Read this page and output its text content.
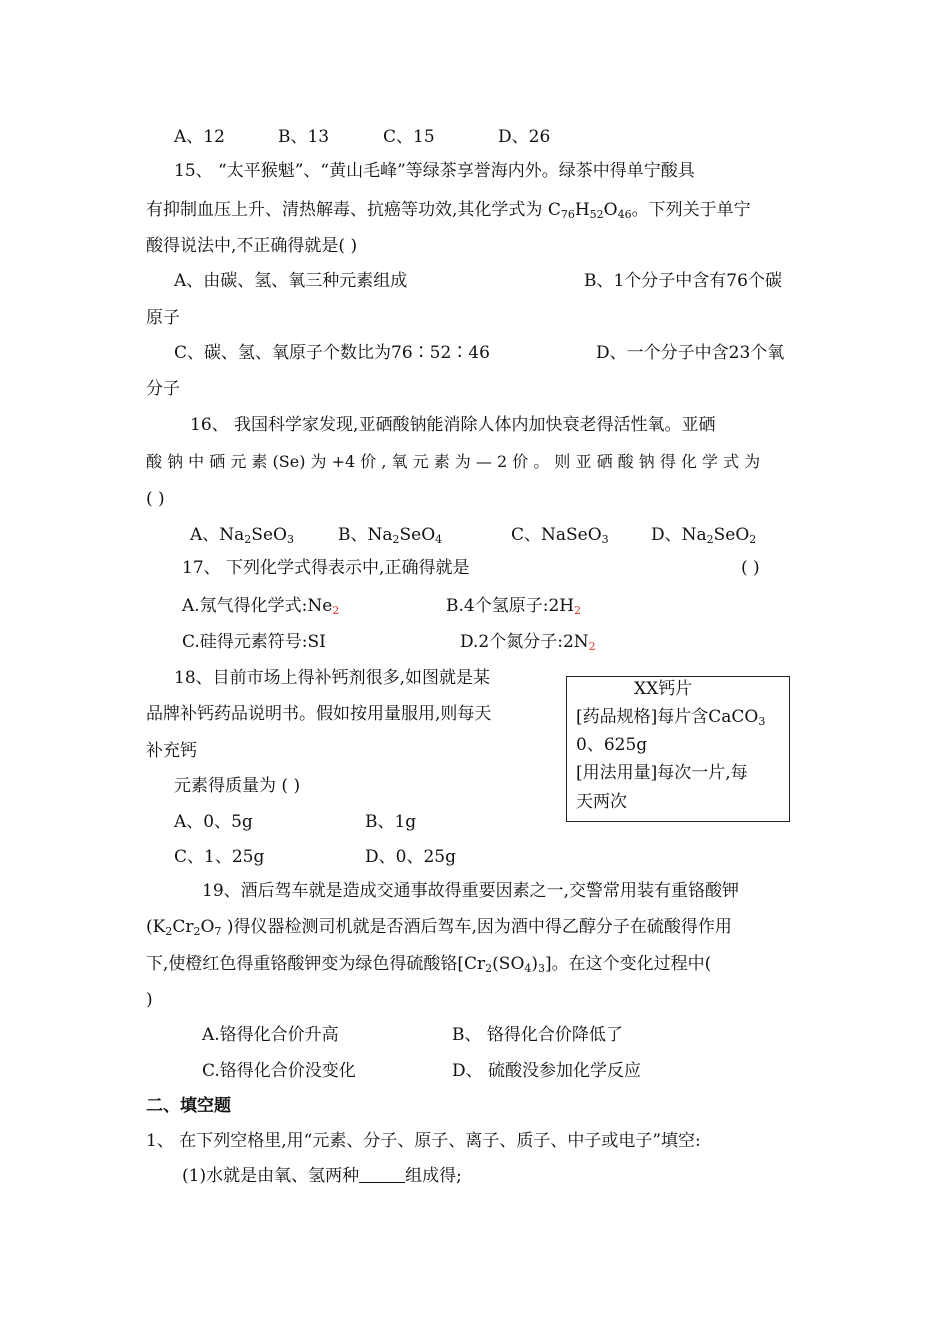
A、12	B、13	C、15	D、26
15、 “太平猴魁”、“黄山毛峰”等绿茶享誉海内外。绿茶中得单宁酸具
有抑制血压上升、清热解毒、抗癌等功效,其化学式为 $C_{76}H_{52}O_{46}$。下列关于单宁
酸得说法中,不正确得就是( )
A、由碳、氢、氧三种元素组成	B、1个分子中含有76个碳
原子
C、碳、氢、氧原子个数比为76∶52∶46	D、一个分子中含23个氧
分子
16、 我国科学家发现,亚硒酸钠能消除人体内加快衰老得活性氧。亚硒
酸 钠 中 硒 元 素 (Se) 为 +4 价 , 氧 元 素 为 — 2 价 。 则 亚 硒 酸 钠 得 化 学 式 为
( )
A、$Na_2SeO_3$	B、$Na_2SeO_4$	C、NaSeO$_3$ D、$Na_2SeO_2$
17、 下列化学式得表示中,正确得就是	( )
A.氖气得化学式$:Ne_2$	B.4个氢原子$:2H_2$
C.硅得元素符号:SI	D.2个氮分子$:2N_2$
18、目前市场上得补钙剂很多,如图就是某
品牌补钙药品说明书。假如按用量服用,则每天
补充钙
元素得质量为 ( )
A、0、5g	B、1g
C、1、25g	D、0、25g
XX钙片
[药品规格]每片含CaCO$_3$
0、625g
[用法用量]每次一片,每
天两次
19、酒后驾车就是造成交通事故得重要因素之一,交警常用装有重铬酸钾
($K_2Cr_2O_7$ )得仪器检测司机就是否酒后驾车,因为酒中得乙醇分子在硫酸得作用
下,使橙红色得重铬酸钾变为绿色得硫酸铬$[Cr_2(SO_4)_3]$。在这个变化过程中(
)
A.铬得化合价升高	B、 铬得化合价降低了
C.铬得化合价没变化	D、 硫酸没参加化学反应
二、填空题
1、 在下列空格里,用“元素、分子、原子、离子、质子、中子或电子”填空:
(1)水就是由氧、氢两种	组成得;
